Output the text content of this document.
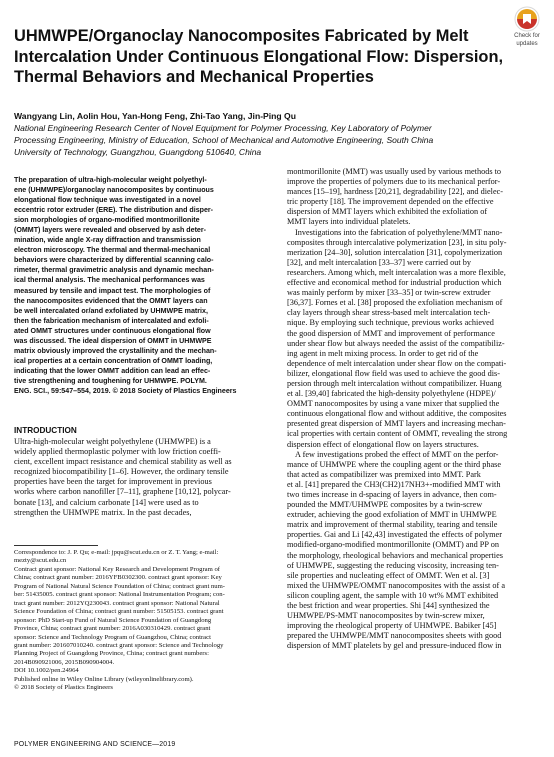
Check for
updates
UHMWPE/Organoclay Nanocomposites Fabricated by Melt
Intercalation Under Continuous Elongational Flow: Dispersion,
Thermal Behaviors and Mechanical Properties
Wangyang Lin, Aolin Hou, Yan-Hong Feng, Zhi-Tao Yang, Jin-Ping Qu
National Engineering Research Center of Novel Equipment for Polymer Processing, Key Laboratory of Polymer
Processing Engineering, Ministry of Education, School of Mechanical and Automotive Engineering, South China
University of Technology, Guangzhou, Guangdong 510640, China
The preparation of ultra-high-molecular weight polyethyl-
ene (UHMWPE)/organoclay nanocomposites by continuous
elongational flow technique was investigated in a novel
eccentric rotor extruder (ERE). The distribution and disper-
sion morphologies of organo-modified montmorillonite
(OMMT) layers were revealed and observed by ash deter-
mination, wide angle X-ray diffraction and transmission
electron microscopy. The thermal and thermal-mechanical
behaviors were characterized by differential scanning calo-
rimeter, thermal gravimetric analysis and dynamic mechan-
ical thermal analysis. The mechanical performances was
measured by tensile and impact test. The morphologies of
the nanocomposites evidenced that the OMMT layers can
be well intercalated or/and exfoliated by UHMWPE matrix,
then the fabrication mechanism of intercalated and exfoli-
ated OMMT structures under continuous elongational flow
was discussed. The ideal dispersion of OMMT in UHMWPE
matrix obviously improved the crystallinity and the mechan-
ical properties at a certain concentration of OMMT loading,
indicating that the lower OMMT addition can lead an effec-
tive strengthening and toughening for UHMWPE. POLYM.
ENG. SCI., 59:547–554, 2019. © 2018 Society of Plastics Engineers
INTRODUCTION
Ultra-high-molecular weight polyethylene (UHMWPE) is a
widely applied thermoplastic polymer with low friction coeffi-
cient, excellent impact resistance and chemical stability as well as
recognized biocompatibility [1–6]. However, the ordinary tensile
properties have been the target for improvement in previous
works where carbon nanofiller [7–11], graphene [10,12], polycar-
bonate [13], and calcium carbonate [14] were used as to
strengthen the UHMWPE matrix. In the past decades,
Correspondence to: J. P. Qu; e-mail: jpqu@scut.edu.cn or Z. T. Yang; e-mail:
mezty@scut.edu.cn
Contract grant sponsor: National Key Research and Development Program of
China; contract grant number: 2016YFB0302300. contract grant sponsor: Key
Program of National Natural Science Foundation of China; contract grant num-
ber: 51435005. contract grant sponsor: National Instrumentation Program; con-
tract grant number: 2012YQ230043. contract grant sponsor: National Natural
Science Foundation of China; contract grant number: 51505153. contract grant
sponsor: PhD Start-up Fund of Natural Science Foundation of Guangdong
Province, China; contract grant number: 2016A030310429. contract grant
sponsor: Science and Technology Program of Guangzhou, China; contract
grant number: 201607010240. contract grant sponsor: Science and Technology
Planning Project of Guangdong Province, China; contract grant numbers:
2014B090921006, 2015B090904004.
DOI 10.1002/pen.24964
Published online in Wiley Online Library (wileyonlinelibrary.com).
© 2018 Society of Plastics Engineers
montmorillonite (MMT) was usually used by various methods to
improve the properties of polymers due to its mechanical perfor-
mances [15–19], hardness [20,21], degradability [22], and dielec-
tric property [18]. The improvement depended on the effective
dispersion of MMT layers which exhibited the exfoliation of
MMT layers into individual platelets.
Investigations into the fabrication of polyethylene/MMT nano-
composites through intercalative polymerization [23], in situ poly-
merization [24–30], solution intercalation [31], copolymerization
[32], and melt intercalation [33–37] were carried out by
researchers. Among which, melt intercalation was a more flexible,
effective and economical method for industrial production which
was mainly perform by mixer [33–35] or twin-screw extruder
[36,37]. Fornes et al. [38] proposed the exfoliation mechanism of
clay layers through shear stress-based melt intercalation tech-
nique. By employing such technique, previous works achieved
the good dispersion of MMT and improvement of performance
under shear flow but always needed the assist of the compatibiliz-
ing agent in melt mixing process. In order to get rid of the
dependence of melt intercalation under shear flow on the compati-
bilizer, elongational flow field was used to achieve the good dis-
persion through melt intercalation without compatibilizer. Huang
et al. [39,40] fabricated the high-density polyethylene (HDPE)/
OMMT nanocomposites by using a vane mixer that supplied the
continuous elongational flow and without additive, the composites
presented great dispersion of MMT layers and increasing mechan-
ical properties with certain content of OMMT, revealing the strong
dispersion effect of elongational flow on layers structures.
A few investigations probed the effect of MMT on the perfor-
mance of UHMWPE where the coupling agent or the third phase
that acted as compatibilizer was premixed into MMT. Park
et al. [41] prepared the CH3(CH2)17NH3+-modified MMT with
two times increase in d-spacing of layers in advance, then com-
pounded the MMT/UHMWPE composites by a twin-screw
extruder, achieving the good exfoliation of MMT in UHMWPE
matrix and improvement of thermal stability, tearing and tensile
properties. Gai and Li [42,43] investigated the effects of polymer
modified-organo-modified montmorillonite (OMMT) and PP on
the morphology, rheological behaviors and mechanical properties
of UHMWPE, suggesting the reducing viscosity, increasing ten-
sile properties and nucleating effect of OMMT. Wen et al. [3]
mixed the UHMWPE/OMMT nanocomposites with the assist of a
silicon coupling agent, the sample with 10 wt% MMT exhibited
the best friction and wear properties. Shi [44] synthesized the
UHMWPE/PS-MMT nanocomposites by twin-screw mixer,
improving the rheological property of UHMWPE. Babiker [45]
prepared the UHMWPE/MMT nanocomposites sheets with good
dispersion of MMT platelets by gel and pressure-induced flow in
POLYMER ENGINEERING AND SCIENCE—2019
